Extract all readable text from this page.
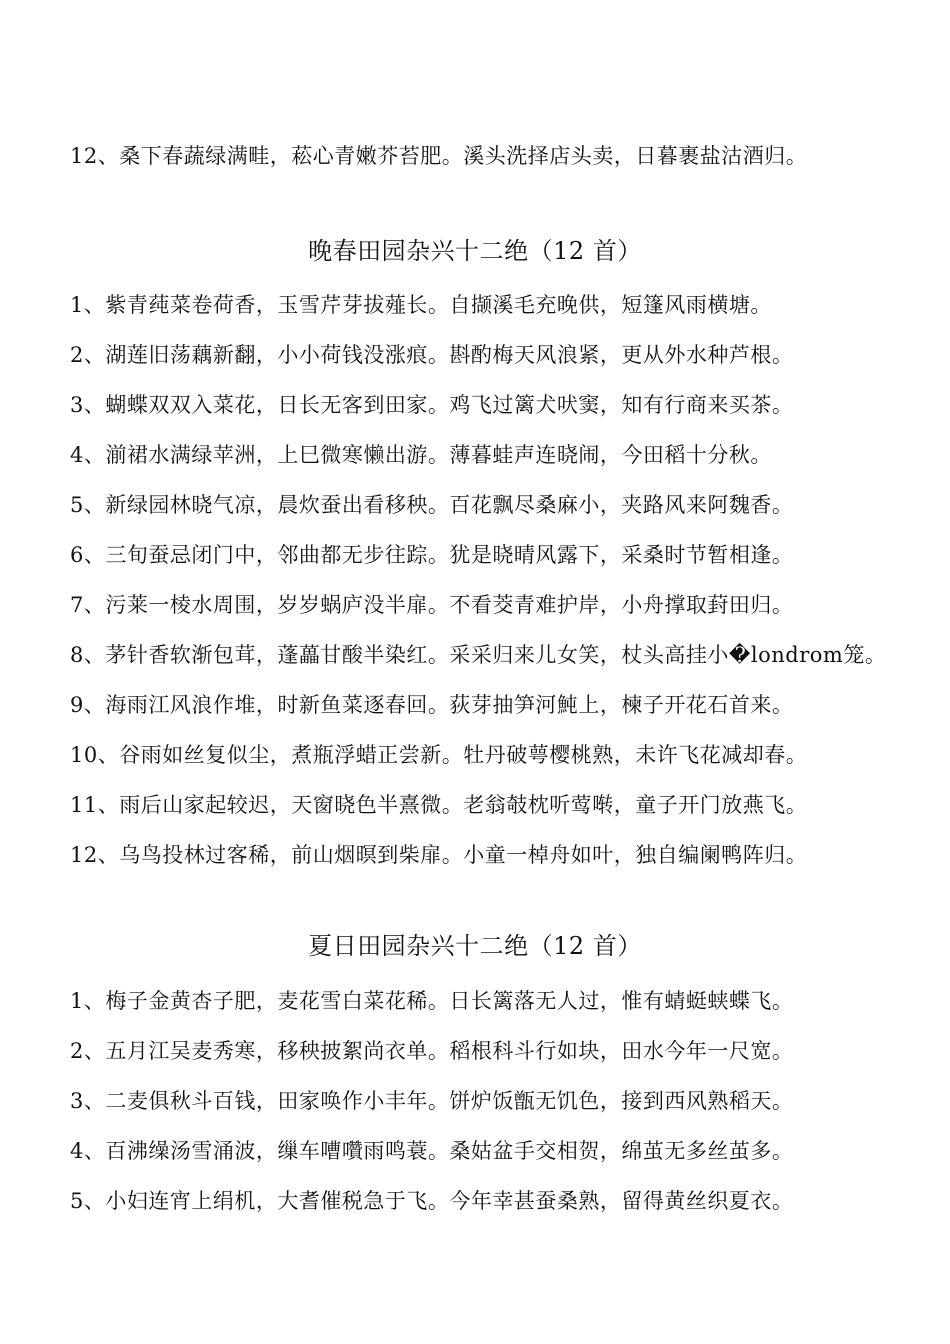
12、桑下春蔬绿满畦，菘心青嫩芥苔肥。溪头洗择店头卖，日暮裹盐沽酒归。
晚春田园杂兴十二绝（12 首）
1、紫青莼菜卷荷香，玉雪芹芽拔薤长。自撷溪毛充晚供，短篷风雨横塘。
2、湖莲旧荡藕新翻，小小荷钱没涨痕。斟酌梅天风浪紧，更从外水种芦根。
3、蝴蝶双双入菜花，日长无客到田家。鸡飞过篱犬吠窦，知有行商来买茶。
4、湔裙水满绿苹洲，上巳微寒懒出游。薄暮蛙声连晓闹，今田稻十分秋。
5、新绿园林晓气凉，晨炊蚕出看移秧。百花飘尽桑麻小，夹路风来阿魏香。
6、三旬蚕忌闭门中，邻曲都无步往踪。犹是晓晴风露下，采桑时节暂相逢。
7、污莱一棱水周围，岁岁蜗庐没半扉。不看茭青难护岸，小舟撑取葑田归。
8、茅针香软渐包茸，蓬藟甘酸半染红。采采归来儿女笑，杖头高挂小�londrom笼。
9、海雨江风浪作堆，时新鱼菜逐春回。荻芽抽笋河魨上，楝子开花石首来。
10、谷雨如丝复似尘，煮瓶浮蜡正尝新。牡丹破萼樱桃熟，未许飞花减却春。
11、雨后山家起较迟，天窗晓色半熹微。老翁攲枕听莺啭，童子开门放燕飞。
12、乌鸟投林过客稀，前山烟暝到柴扉。小童一棹舟如叶，独自编阑鸭阵归。
夏日田园杂兴十二绝（12 首）
1、梅子金黄杏子肥，麦花雪白菜花稀。日长篱落无人过，惟有蜻蜓蛱蝶飞。
2、五月江吴麦秀寒，移秧披絮尚衣单。稻根科斗行如块，田水今年一尺宽。
3、二麦俱秋斗百钱，田家唤作小丰年。饼炉饭甑无饥色，接到西风熟稻天。
4、百沸缲汤雪涌波，缫车嘈囋雨鸣蓑。桑姑盆手交相贺，绵茧无多丝茧多。
5、小妇连宵上绢机，大耆催税急于飞。今年幸甚蚕桑熟，留得黄丝织夏衣。
